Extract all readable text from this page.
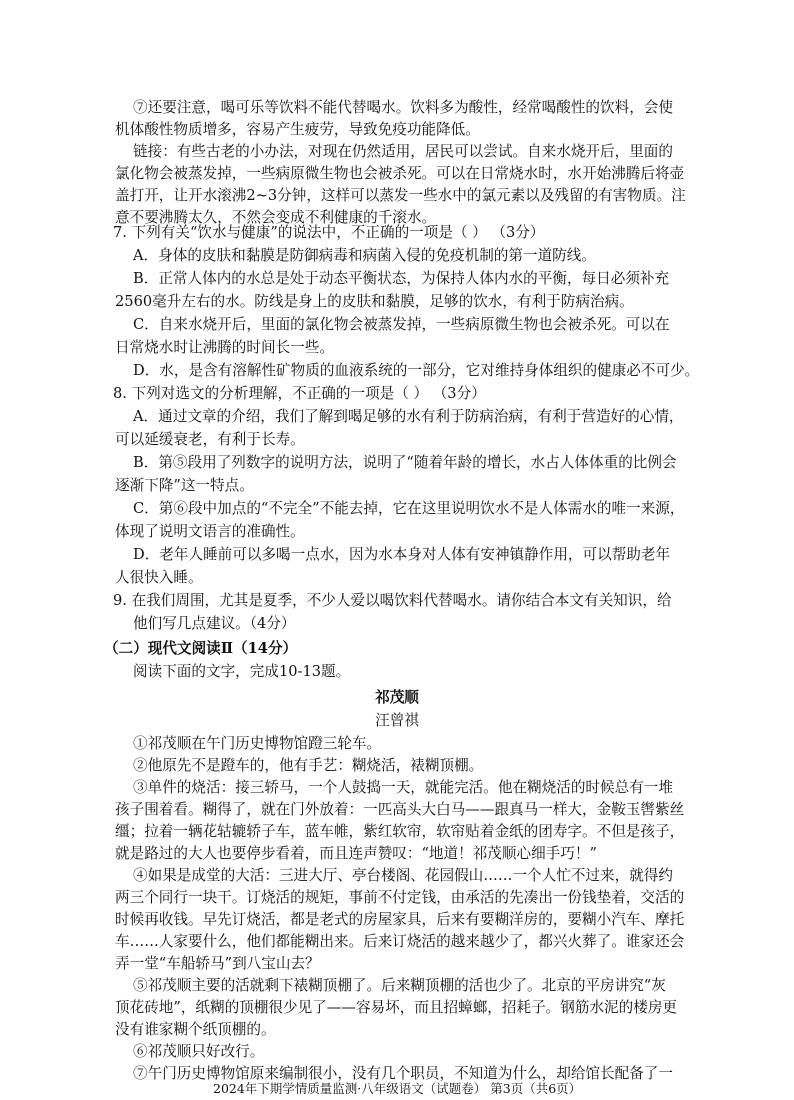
⑦还要注意，喝可乐等饮料不能代替喝水。饮料多为酸性，经常喝酸性的饮料，会使
机体酸性物质增多，容易产生疲劳，导致免疫功能降低。
链接：有些古老的小办法，对现在仍然适用，居民可以尝试。自来水烧开后，里面的
氯化物会被蒸发掉，一些病原微生物也会被杀死。可以在日常烧水时，水开始沸腾后将壶
盖打开，让开水滚沸2~3分钟，这样可以蒸发一些水中的氯元素以及残留的有害物质。注
意不要沸腾太久，不然会变成不利健康的千滚水。
7. 下列有关“饮水与健康”的说法中，不正确的一项是（ ） （3分）
A．身体的皮肤和黏膜是防御病毒和病菌入侵的免疫机制的第一道防线。
B．正常人体内的水总是处于动态平衡状态，为保持人体内水的平衡，每日必须补充
2560毫升左右的水。防线是身上的皮肤和黏膜，足够的饮水，有利于防病治病。
C．自来水烧开后，里面的氯化物会被蒸发掉，一些病原微生物也会被杀死。可以在
日常烧水时让沸腾的时间长一些。
D．水，是含有溶解性矿物质的血液系统的一部分，它对维持身体组织的健康必不可少。
8. 下列对选文的分析理解，不正确的一项是（ ） （3分）
A．通过文章的介绍，我们了解到喝足够的水有利于防病治病，有利于营造好的心情，
可以延缓衰老，有利于长寿。
B．第⑤段用了列数字的说明方法，说明了“随着年龄的增长，水占人体体重的比例会
逐渐下降”这一特点。
C．第⑥段中加点的“不完全”不能去掉，它在这里说明饮水不是人体需水的唯一来源，
体现了说明文语言的准确性。
D．老年人睡前可以多喝一点水，因为水本身对人体有安神镇静作用，可以帮助老年
人很快入睡。
9. 在我们周围，尤其是夏季，不少人爱以喝饮料代替喝水。请你结合本文有关知识，给
他们写几点建议。（4分）
（二）现代文阅读Ⅱ（14分）
阅读下面的文字，完成10-13题。
祁茂顺
汪曾祺
①祁茂顺在午门历史博物馆蹬三轮车。
②他原先不是蹬车的，他有手艺：糊烧活，裱糊顶棚。
③单件的烧活：接三轿马，一个人鼓捣一天，就能完活。他在糊烧活的时候总有一堆
孩子围着看。糊得了，就在门外放着：一匹高头大白马——跟真马一样大，金鞍玉辔紫丝
缰；拉着一辆花轱辘轿子车，蓝车帷，紫红软帘，软帘贴着金纸的团寿字。不但是孩子，
就是路过的大人也要停步看着，而且连声赞叹：“地道！祁茂顺心细手巧！”
④如果是成堂的大活：三进大厅、亭台楼阁、花园假山……一个人忙不过来，就得约
两三个同行一块干。订烧活的规矩，事前不付定钱，由承活的先凑出一份钱垫着，交活的
时候再收钱。早先订烧活，都是老式的房屋家具，后来有要糊洋房的，要糊小汽车、摩托
车……人家要什么，他们都能糊出来。后来订烧活的越来越少了，都兴火葬了。谁家还会
弄一堂“车船轿马”到八宝山去？
⑤祁茂顺主要的活就剩下裱糊顶棚了。后来糊顶棚的活也少了。北京的平房讲究“灰
顶花砖地”，纸糊的顶棚很少见了——容易坏，而且招蟑螂，招耗子。钢筋水泥的楼房更
没有谁家糊个纸顶棚的。
⑥祁茂顺只好改行。
⑦午门历史博物馆原来编制很小，没有几个职员，不知道为什么，却给馆长配备了一
2024年下期学情质量监测·八年级语文（试题卷） 第3页（共6页）
